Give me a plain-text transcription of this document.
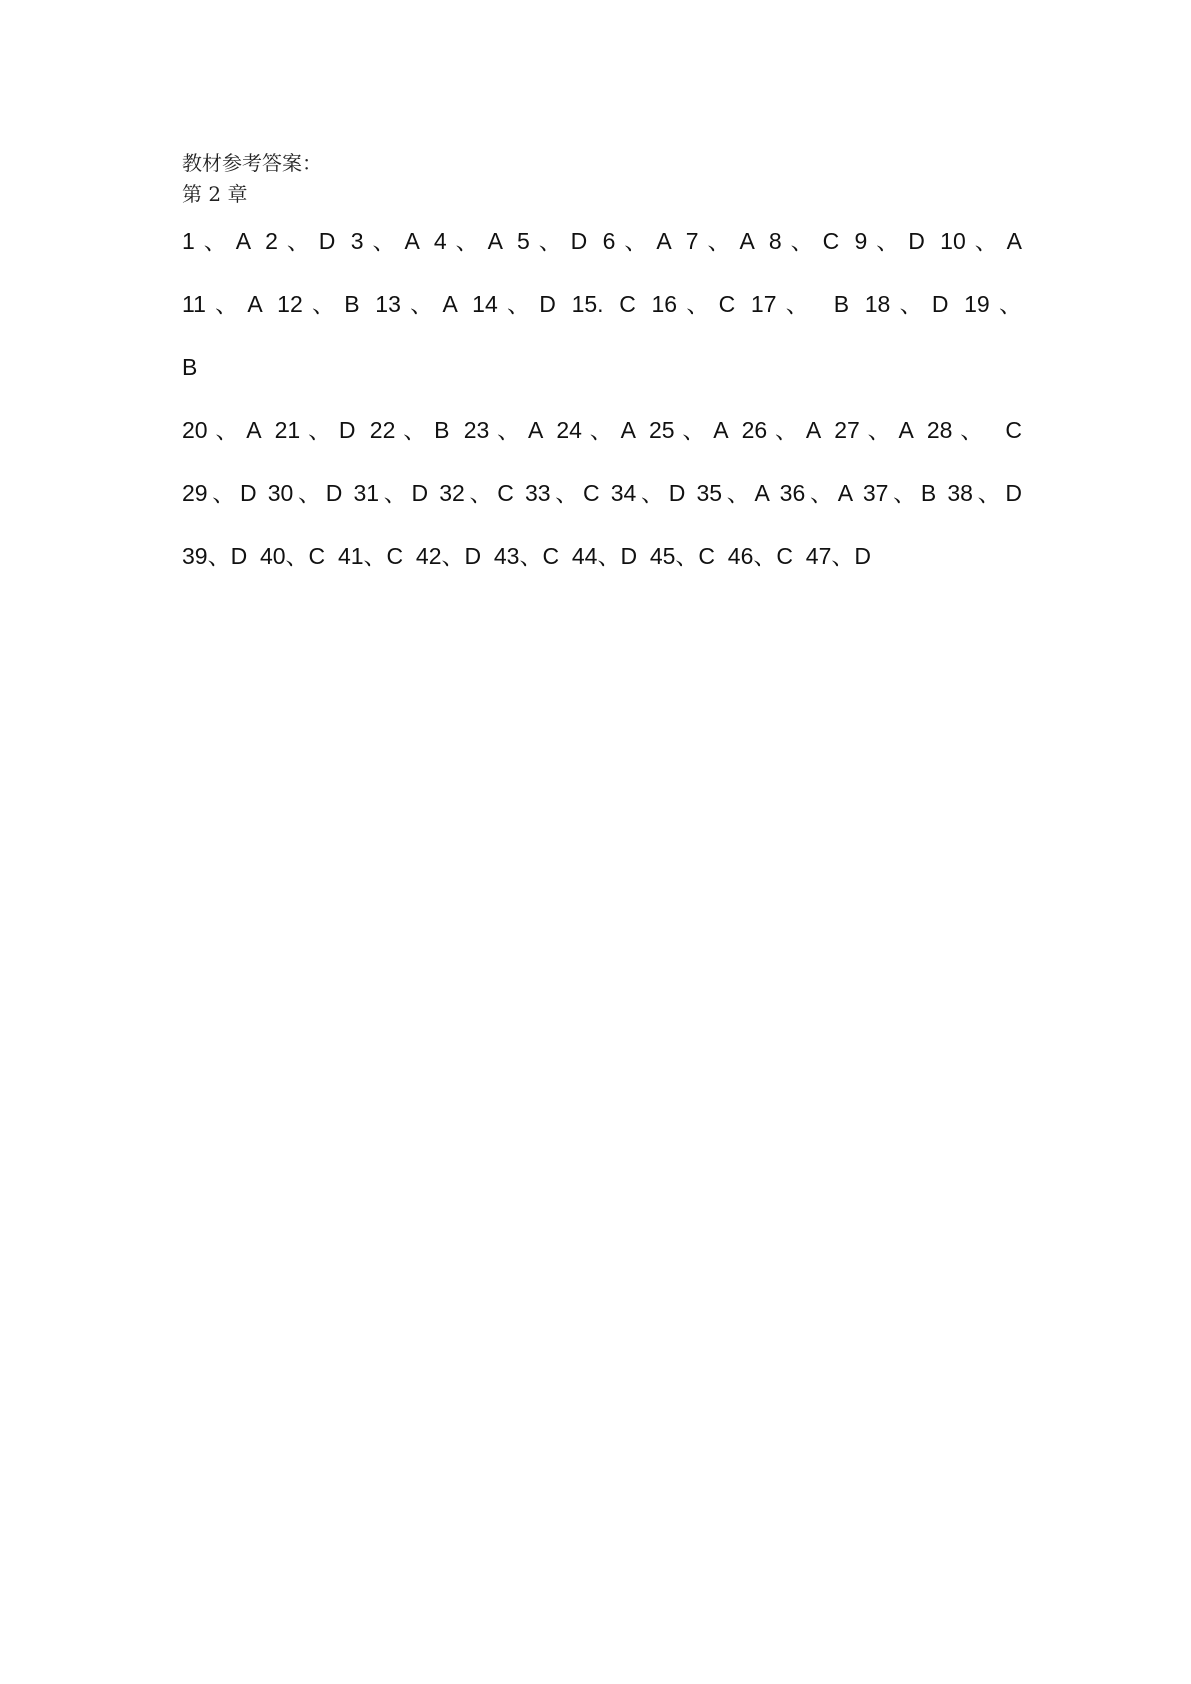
教材参考答案：
第 2 章
1、A 2、D 3、A 4、A 5、D 6、A 7、A 8、C 9、D 10、A
11、A 12、B 13、A 14、D 15. C 16、C 17、 B 18、D 19、
B
20、A 21、D 22、B 23、A 24、A 25、A 26、A 27、A 28、 C
29、D 30、D 31、D 32、C 33、C 34、D 35、A 36、A 37、B 38、D
39、D  40、C  41、C  42、D  43、C  44、D  45、C  46、C  47、D
